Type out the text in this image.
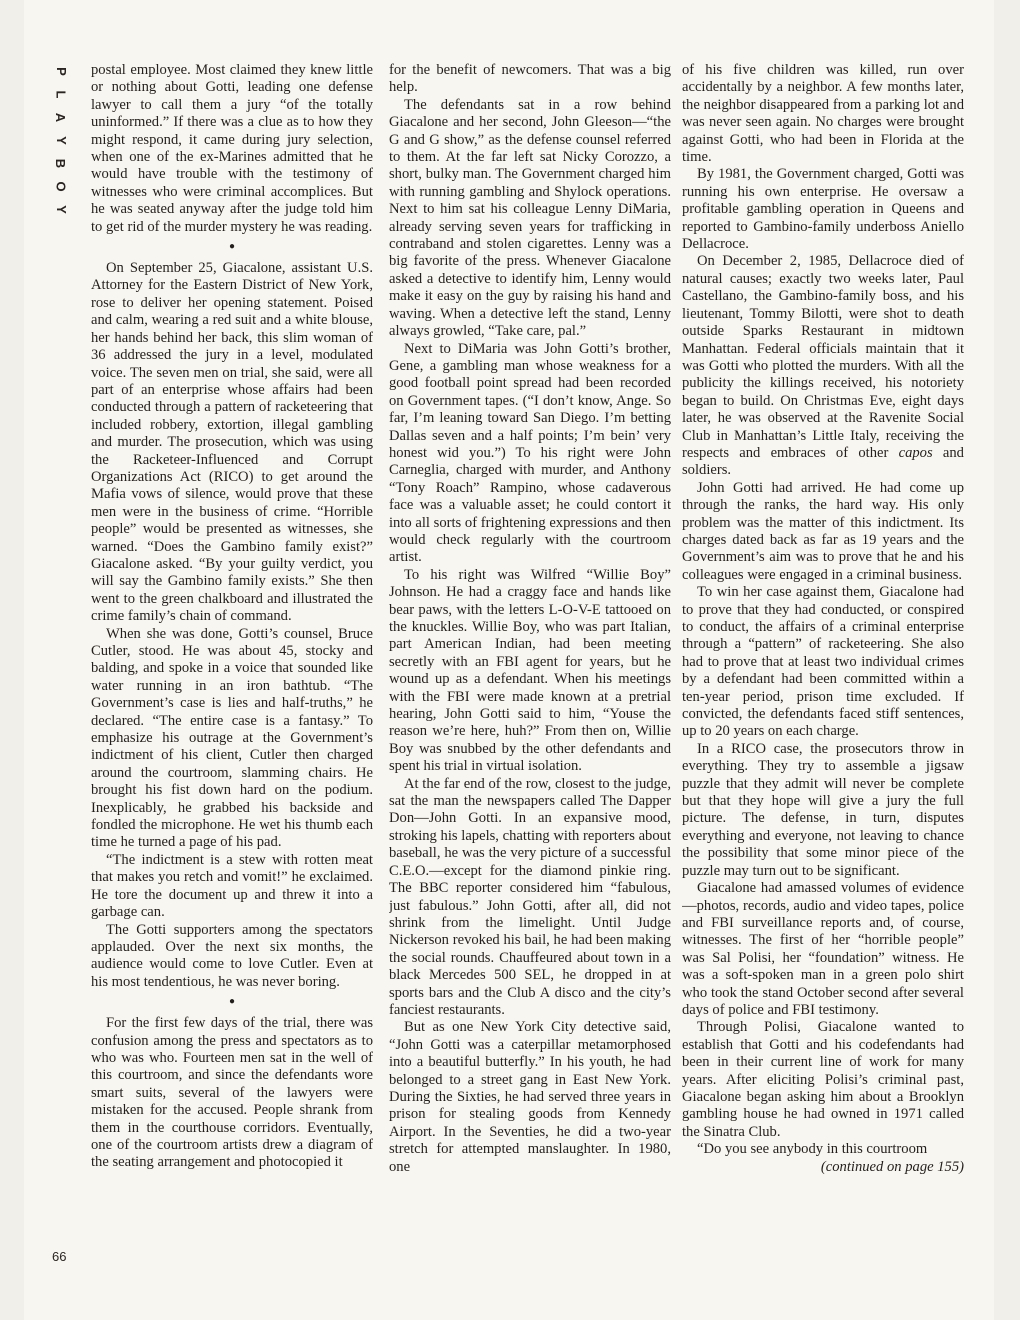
P
L
A
Y
B
O
Y
66

postal employee. Most claimed they knew little or nothing about Gotti, leading one defense lawyer to call them a jury “of the totally uninformed.” If there was a clue as to how they might respond, it came during jury selection, when one of the ex-Marines admitted that he would have trouble with the testimony of witnesses who were criminal accomplices. But he was seated anyway after the judge told him to get rid of the murder mystery he was reading.

●

On September 25, Giacalone, assistant U.S. Attorney for the Eastern District of New York, rose to deliver her opening statement. Poised and calm, wearing a red suit and a white blouse, her hands behind her back, this slim woman of 36 addressed the jury in a level, modulated voice. The seven men on trial, she said, were all part of an enterprise whose affairs had been conducted through a pattern of racketeering that included robbery, extortion, illegal gambling and murder. The prosecution, which was using the Racketeer-Influenced and Corrupt Organizations Act (RICO) to get around the Mafia vows of silence, would prove that these men were in the business of crime. “Horrible people” would be presented as witnesses, she warned. “Does the Gambino family exist?” Giacalone asked. “By your guilty verdict, you will say the Gambino family exists.” She then went to the green chalkboard and illustrated the crime family’s chain of command.

When she was done, Gotti’s counsel, Bruce Cutler, stood. He was about 45, stocky and balding, and spoke in a voice that sounded like water running in an iron bathtub. “The Government’s case is lies and half-truths,” he declared. “The entire case is a fantasy.” To emphasize his outrage at the Government’s indictment of his client, Cutler then charged around the courtroom, slamming chairs. He brought his fist down hard on the podium. Inexplicably, he grabbed his backside and fondled the microphone. He wet his thumb each time he turned a page of his pad.

“The indictment is a stew with rotten meat that makes you retch and vomit!” he exclaimed. He tore the document up and threw it into a garbage can.

The Gotti supporters among the spectators applauded. Over the next six months, the audience would come to love Cutler. Even at his most tendentious, he was never boring.

●

For the first few days of the trial, there was confusion among the press and spectators as to who was who. Fourteen men sat in the well of this courtroom, and since the defendants wore smart suits, several of the lawyers were mistaken for the accused. People shrank from them in the courthouse corridors. Eventually, one of the courtroom artists drew a diagram of the seating arrangement and photocopied it

for the benefit of newcomers. That was a big help.

The defendants sat in a row behind Giacalone and her second, John Gleeson—“the G and G show,” as the defense counsel referred to them. At the far left sat Nicky Corozzo, a short, bulky man. The Government charged him with running gambling and Shylock operations. Next to him sat his colleague Lenny DiMaria, already serving seven years for trafficking in contraband and stolen cigarettes. Lenny was a big favorite of the press. Whenever Giacalone asked a detective to identify him, Lenny would make it easy on the guy by raising his hand and waving. When a detective left the stand, Lenny always growled, “Take care, pal.”

Next to DiMaria was John Gotti’s brother, Gene, a gambling man whose weakness for a good football point spread had been recorded on Government tapes. (“I don’t know, Ange. So far, I’m leaning toward San Diego. I’m betting Dallas seven and a half points; I’m bein’ very honest wid you.”) To his right were John Carneglia, charged with murder, and Anthony “Tony Roach” Rampino, whose cadaverous face was a valuable asset; he could contort it into all sorts of frightening expressions and then would check regularly with the courtroom artist.

To his right was Wilfred “Willie Boy” Johnson. He had a craggy face and hands like bear paws, with the letters L-O-V-E tattooed on the knuckles. Willie Boy, who was part Italian, part American Indian, had been meeting secretly with an FBI agent for years, but he wound up as a defendant. When his meetings with the FBI were made known at a pretrial hearing, John Gotti said to him, “Youse the reason we’re here, huh?” From then on, Willie Boy was snubbed by the other defendants and spent his trial in virtual isolation.

At the far end of the row, closest to the judge, sat the man the newspapers called The Dapper Don—John Gotti. In an expansive mood, stroking his lapels, chatting with reporters about baseball, he was the very picture of a successful C.E.O.—except for the diamond pinkie ring. The BBC reporter considered him “fabulous, just fabulous.” John Gotti, after all, did not shrink from the limelight. Until Judge Nickerson revoked his bail, he had been making the social rounds. Chauffeured about town in a black Mercedes 500 SEL, he dropped in at sports bars and the Club A disco and the city’s fanciest restaurants.

But as one New York City detective said, “John Gotti was a caterpillar metamorphosed into a beautiful butterfly.” In his youth, he had belonged to a street gang in East New York. During the Sixties, he had served three years in prison for stealing goods from Kennedy Airport. In the Seventies, he did a two-year stretch for attempted manslaughter. In 1980, one

of his five children was killed, run over accidentally by a neighbor. A few months later, the neighbor disappeared from a parking lot and was never seen again. No charges were brought against Gotti, who had been in Florida at the time.

By 1981, the Government charged, Gotti was running his own enterprise. He oversaw a profitable gambling operation in Queens and reported to Gambino-family underboss Aniello Dellacroce.

On December 2, 1985, Dellacroce died of natural causes; exactly two weeks later, Paul Castellano, the Gambino-family boss, and his lieutenant, Tommy Bilotti, were shot to death outside Sparks Restaurant in midtown Manhattan. Federal officials maintain that it was Gotti who plotted the murders. With all the publicity the killings received, his notoriety began to build. On Christmas Eve, eight days later, he was observed at the Ravenite Social Club in Manhattan’s Little Italy, receiving the respects and embraces of other capos and soldiers.

John Gotti had arrived. He had come up through the ranks, the hard way. His only problem was the matter of this indictment. Its charges dated back as far as 19 years and the Government’s aim was to prove that he and his colleagues were engaged in a criminal business.

To win her case against them, Giacalone had to prove that they had conducted, or conspired to conduct, the affairs of a criminal enterprise through a “pattern” of racketeering. She also had to prove that at least two individual crimes by a defendant had been committed within a ten-year period, prison time excluded. If convicted, the defendants faced stiff sentences, up to 20 years on each charge.

In a RICO case, the prosecutors throw in everything. They try to assemble a jigsaw puzzle that they admit will never be complete but that they hope will give a jury the full picture. The defense, in turn, disputes everything and everyone, not leaving to chance the possibility that some minor piece of the puzzle may turn out to be significant.

Giacalone had amassed volumes of evidence—photos, records, audio and video tapes, police and FBI surveillance reports and, of course, witnesses. The first of her “horrible people” was Sal Polisi, her “foundation” witness. He was a soft-spoken man in a green polo shirt who took the stand October second after several days of police and FBI testimony.

Through Polisi, Giacalone wanted to establish that Gotti and his codefendants had been in their current line of work for many years. After eliciting Polisi’s criminal past, Giacalone began asking him about a Brooklyn gambling house he had owned in 1971 called the Sinatra Club.

“Do you see anybody in this courtroom

(continued on page 155)
